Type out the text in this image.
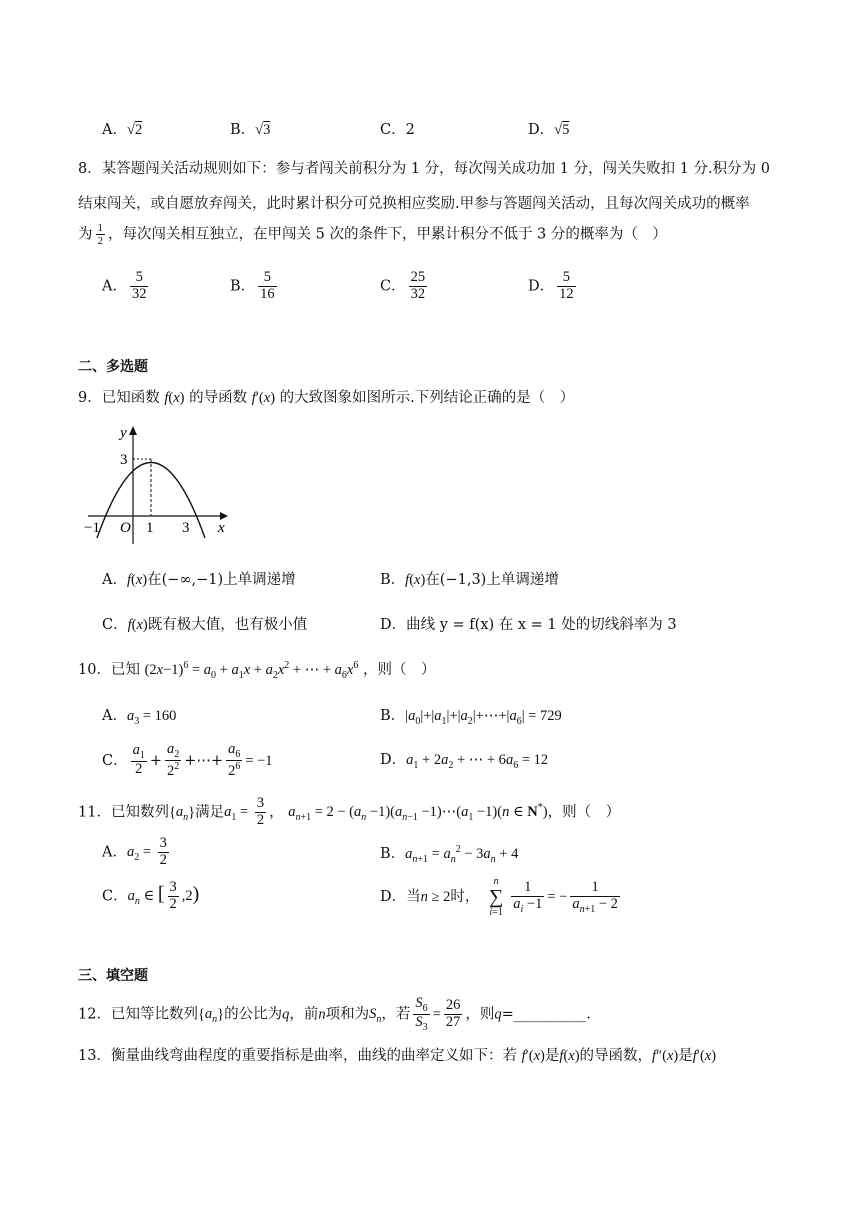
A．√2	B．√3	C．2	D．√5
8．某答题闯关活动规则如下：参与者闯关前积分为 1 分，每次闯关成功加 1 分，闯关失败扣 1 分.积分为 0
结束闯关，或自愿放弃闯关，此时累计积分可兑换相应奖励.甲参与答题闯关活动，且每次闯关成功的概率
为 $\frac{1}{2}$ ，每次闯关相互独立，在甲闯关 5 次的条件下，甲累计积分不低于 3 分的概率为（　）
A． $\frac{5}{32}$	B． $\frac{5}{16}$	C． $\frac{25}{32}$	D． $\frac{5}{12}$
二、多选题
9．已知函数 f(x) 的导函数 f′(x) 的大致图象如图所示.下列结论正确的是（　）
y
x
O
3
1 3
−1
A．f(x)在(−∞,−1)上单调递增	B．f(x)在(−1,3)上单调递增
C．f(x)既有极大值，也有极小值	D．曲线 y = f(x) 在 x = 1 处的切线斜率为 3
10．已知 $(2x-1)^6 = a_0 + a_1x + a_2x^2$ + ⋯ + $a_6x^6$ ，则（　）
A．$a_3 = 160$	B．$|a_0|+|a_1|+|a_2|+\cdots+|a_6| = 729$
C． $\frac{a_1}{2} + \frac{a_2}{2^2}$ +⋯+ $\frac{a_6}{2^6} = -1$	D．$a_1 + 2a_2$ + ⋯ + $6a_6 = 12$
11．已知数列$\{a_n\}$满足$a_1 = \frac{3}{2}$ ， $a_{n+1} = 2 - (a_n -1)(a_{n-1}$ $-1)\cdots(a_1 -1)(n$ ∈ N*)，则（　）
A．$a_2 = \frac{3}{2}$	B．$a_{n+1} = a_n^2 - 3a_n + 4$
C．$a_n$ ∈ [ $\frac{3}{2} ,2$)	D．当n ≥ 2时，
n
∑
$i=1 \frac{1}{a_i -1}$ = − $\frac{1}{a_{n+1} - 2}$
三、填空题
12．已知等比数列$\{a_n\}$的公比为q，前n项和为$S_n$，若 $\frac{S_6}{S_3} = \frac{26}{27}$ ，则q=__________.
13．衡量曲线弯曲程度的重要指标是曲率，曲线的曲率定义如下：若 f′(x)是f(x)的导函数，f″(x)是f′(x)
